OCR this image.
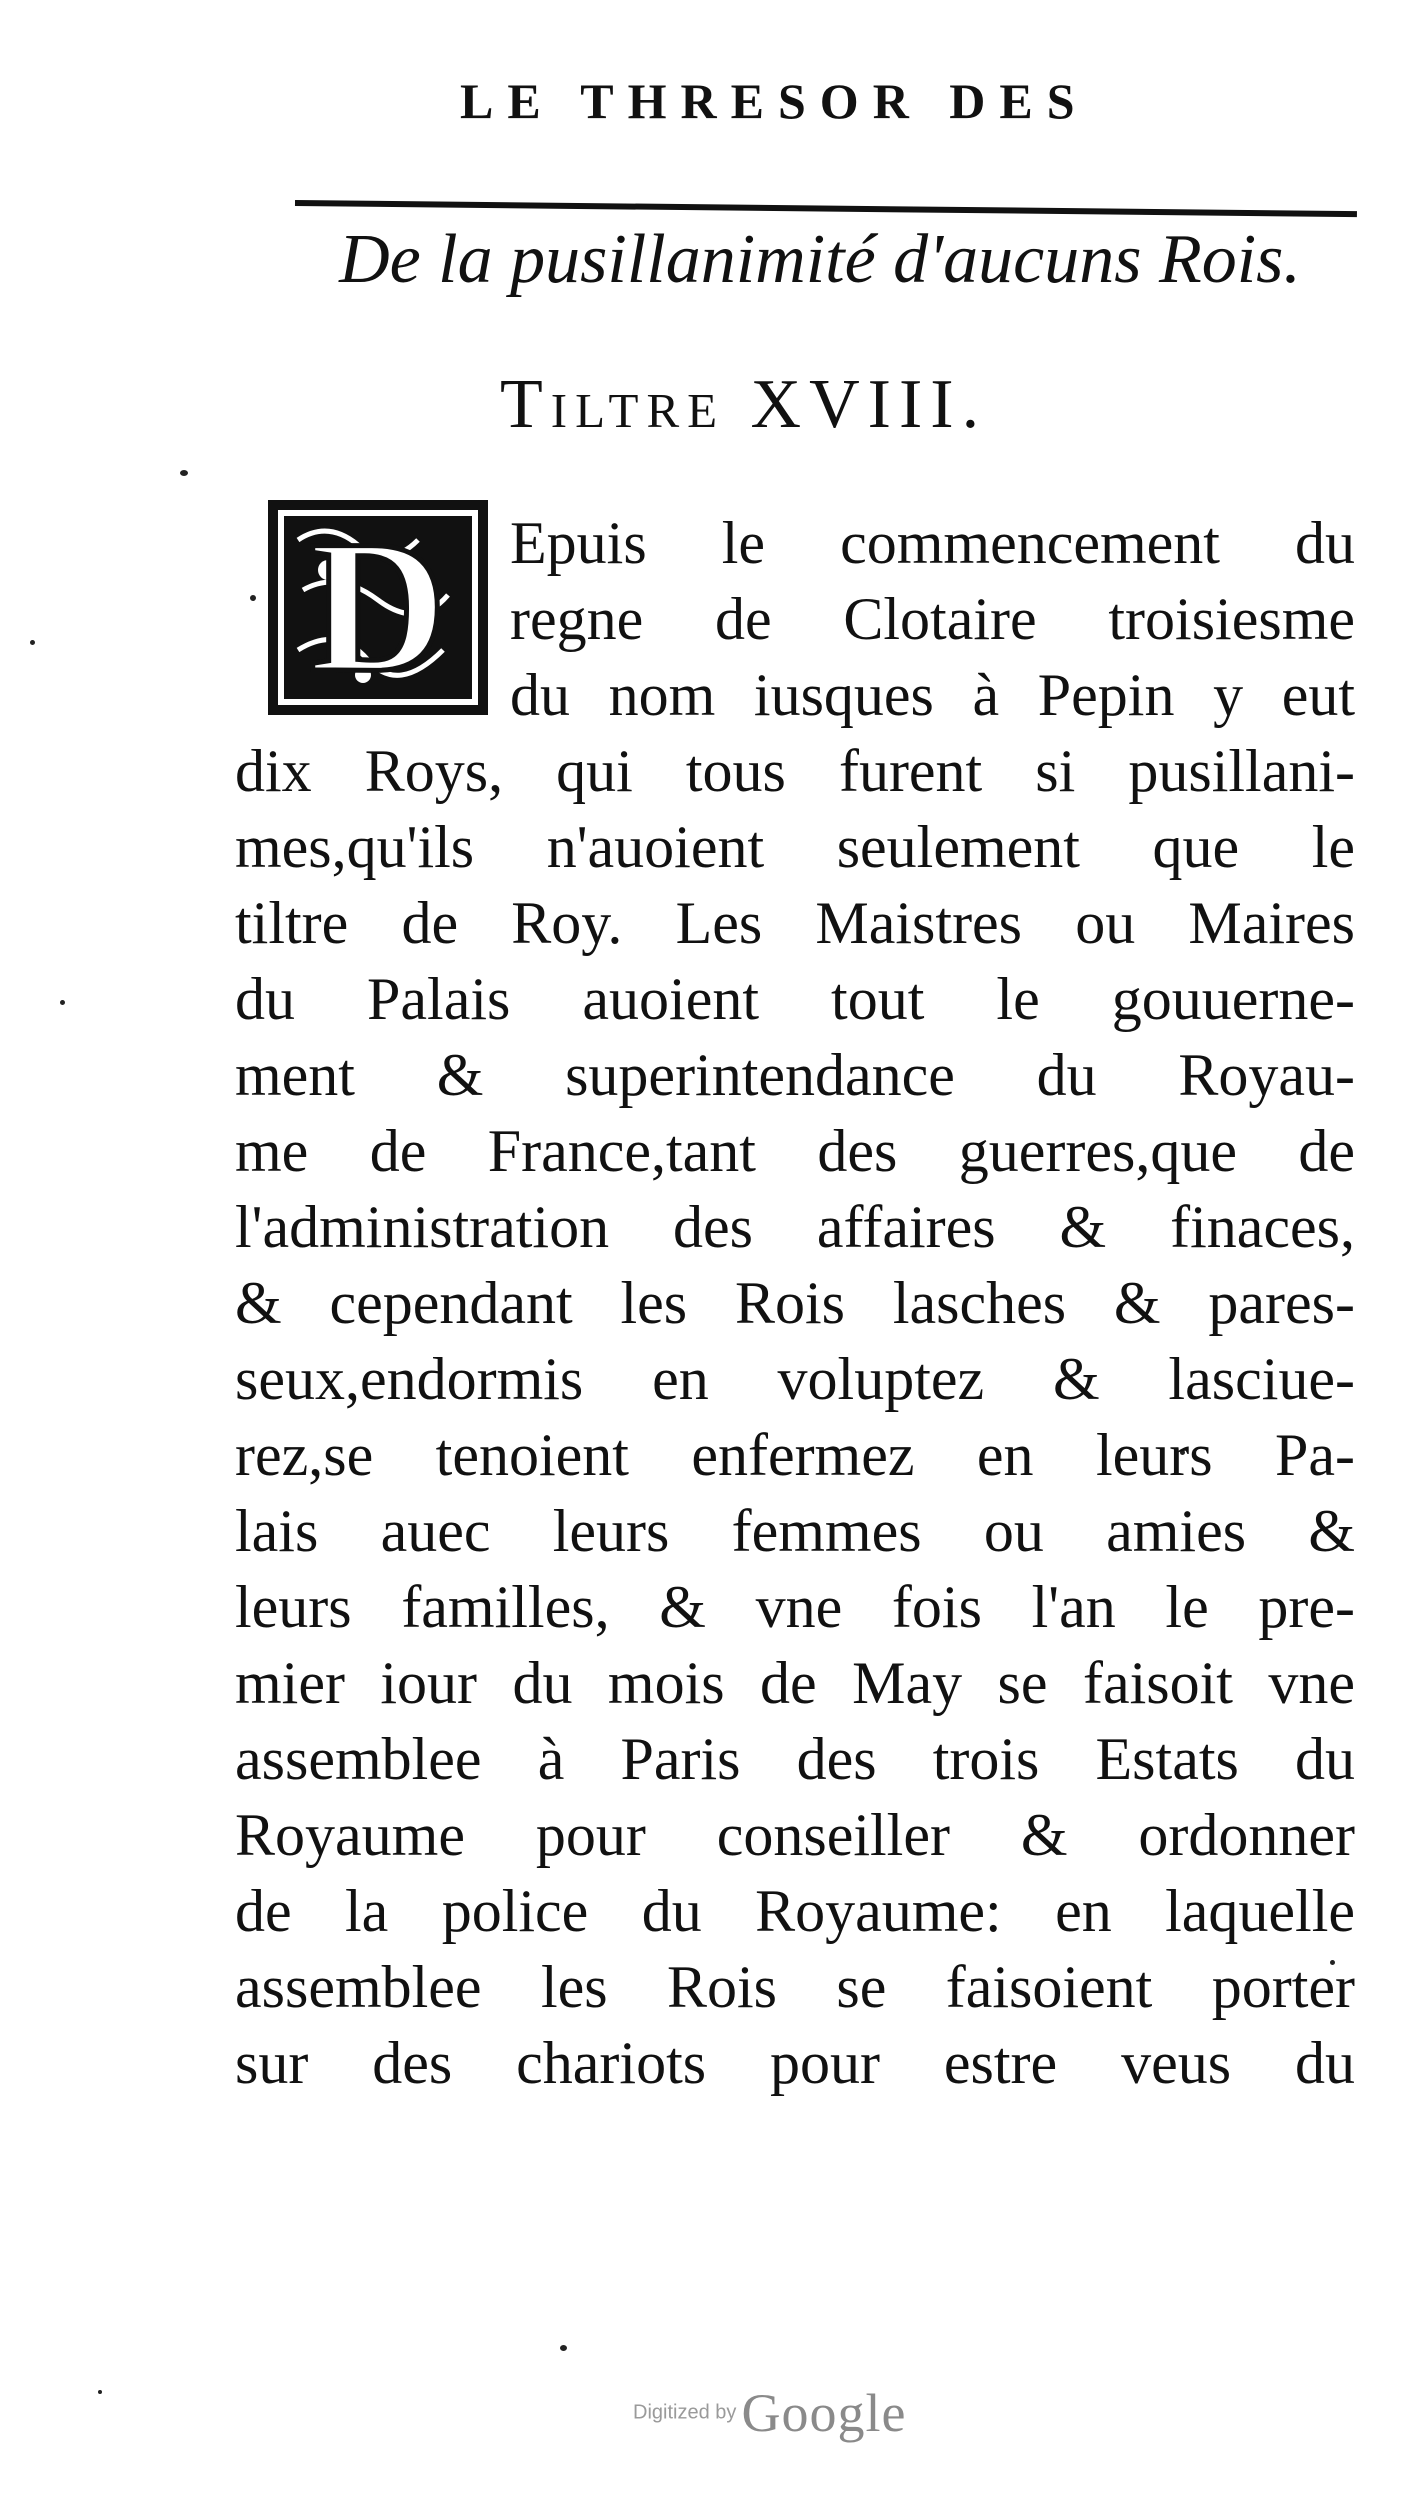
LE THRESOR DES
De la pusillanimité d'aucuns Rois.
Tiltre XVIII.
D	Epuis le commencement du
regne de Clotaire troisiesme
du nom iusques à Pepin y eut
dix Roys, qui tous furent si pusillani-
mes,qu'ils n'auoient seulement que le
tiltre de Roy. Les Maistres ou Maires
du Palais auoient tout le gouuerne-
ment & superintendance du Royau-
me de France,tant des guerres,que de
l'administration des affaires & finaces,
& cependant les Rois lasches & pares-
seux,endormis en voluptez & lasciue-
rez,se tenoient enfermez en leurs Pa-
lais auec leurs femmes ou amies &
leurs familles, & vne fois l'an le pre-
mier iour du mois de May se faisoit vne
assemblee à Paris des trois Estats du
Royaume pour conseiller & ordonner
de la police du Royaume: en laquelle
assemblee les Rois se faisoient porter
sur des chariots pour estre veus du
Digitized by Google
